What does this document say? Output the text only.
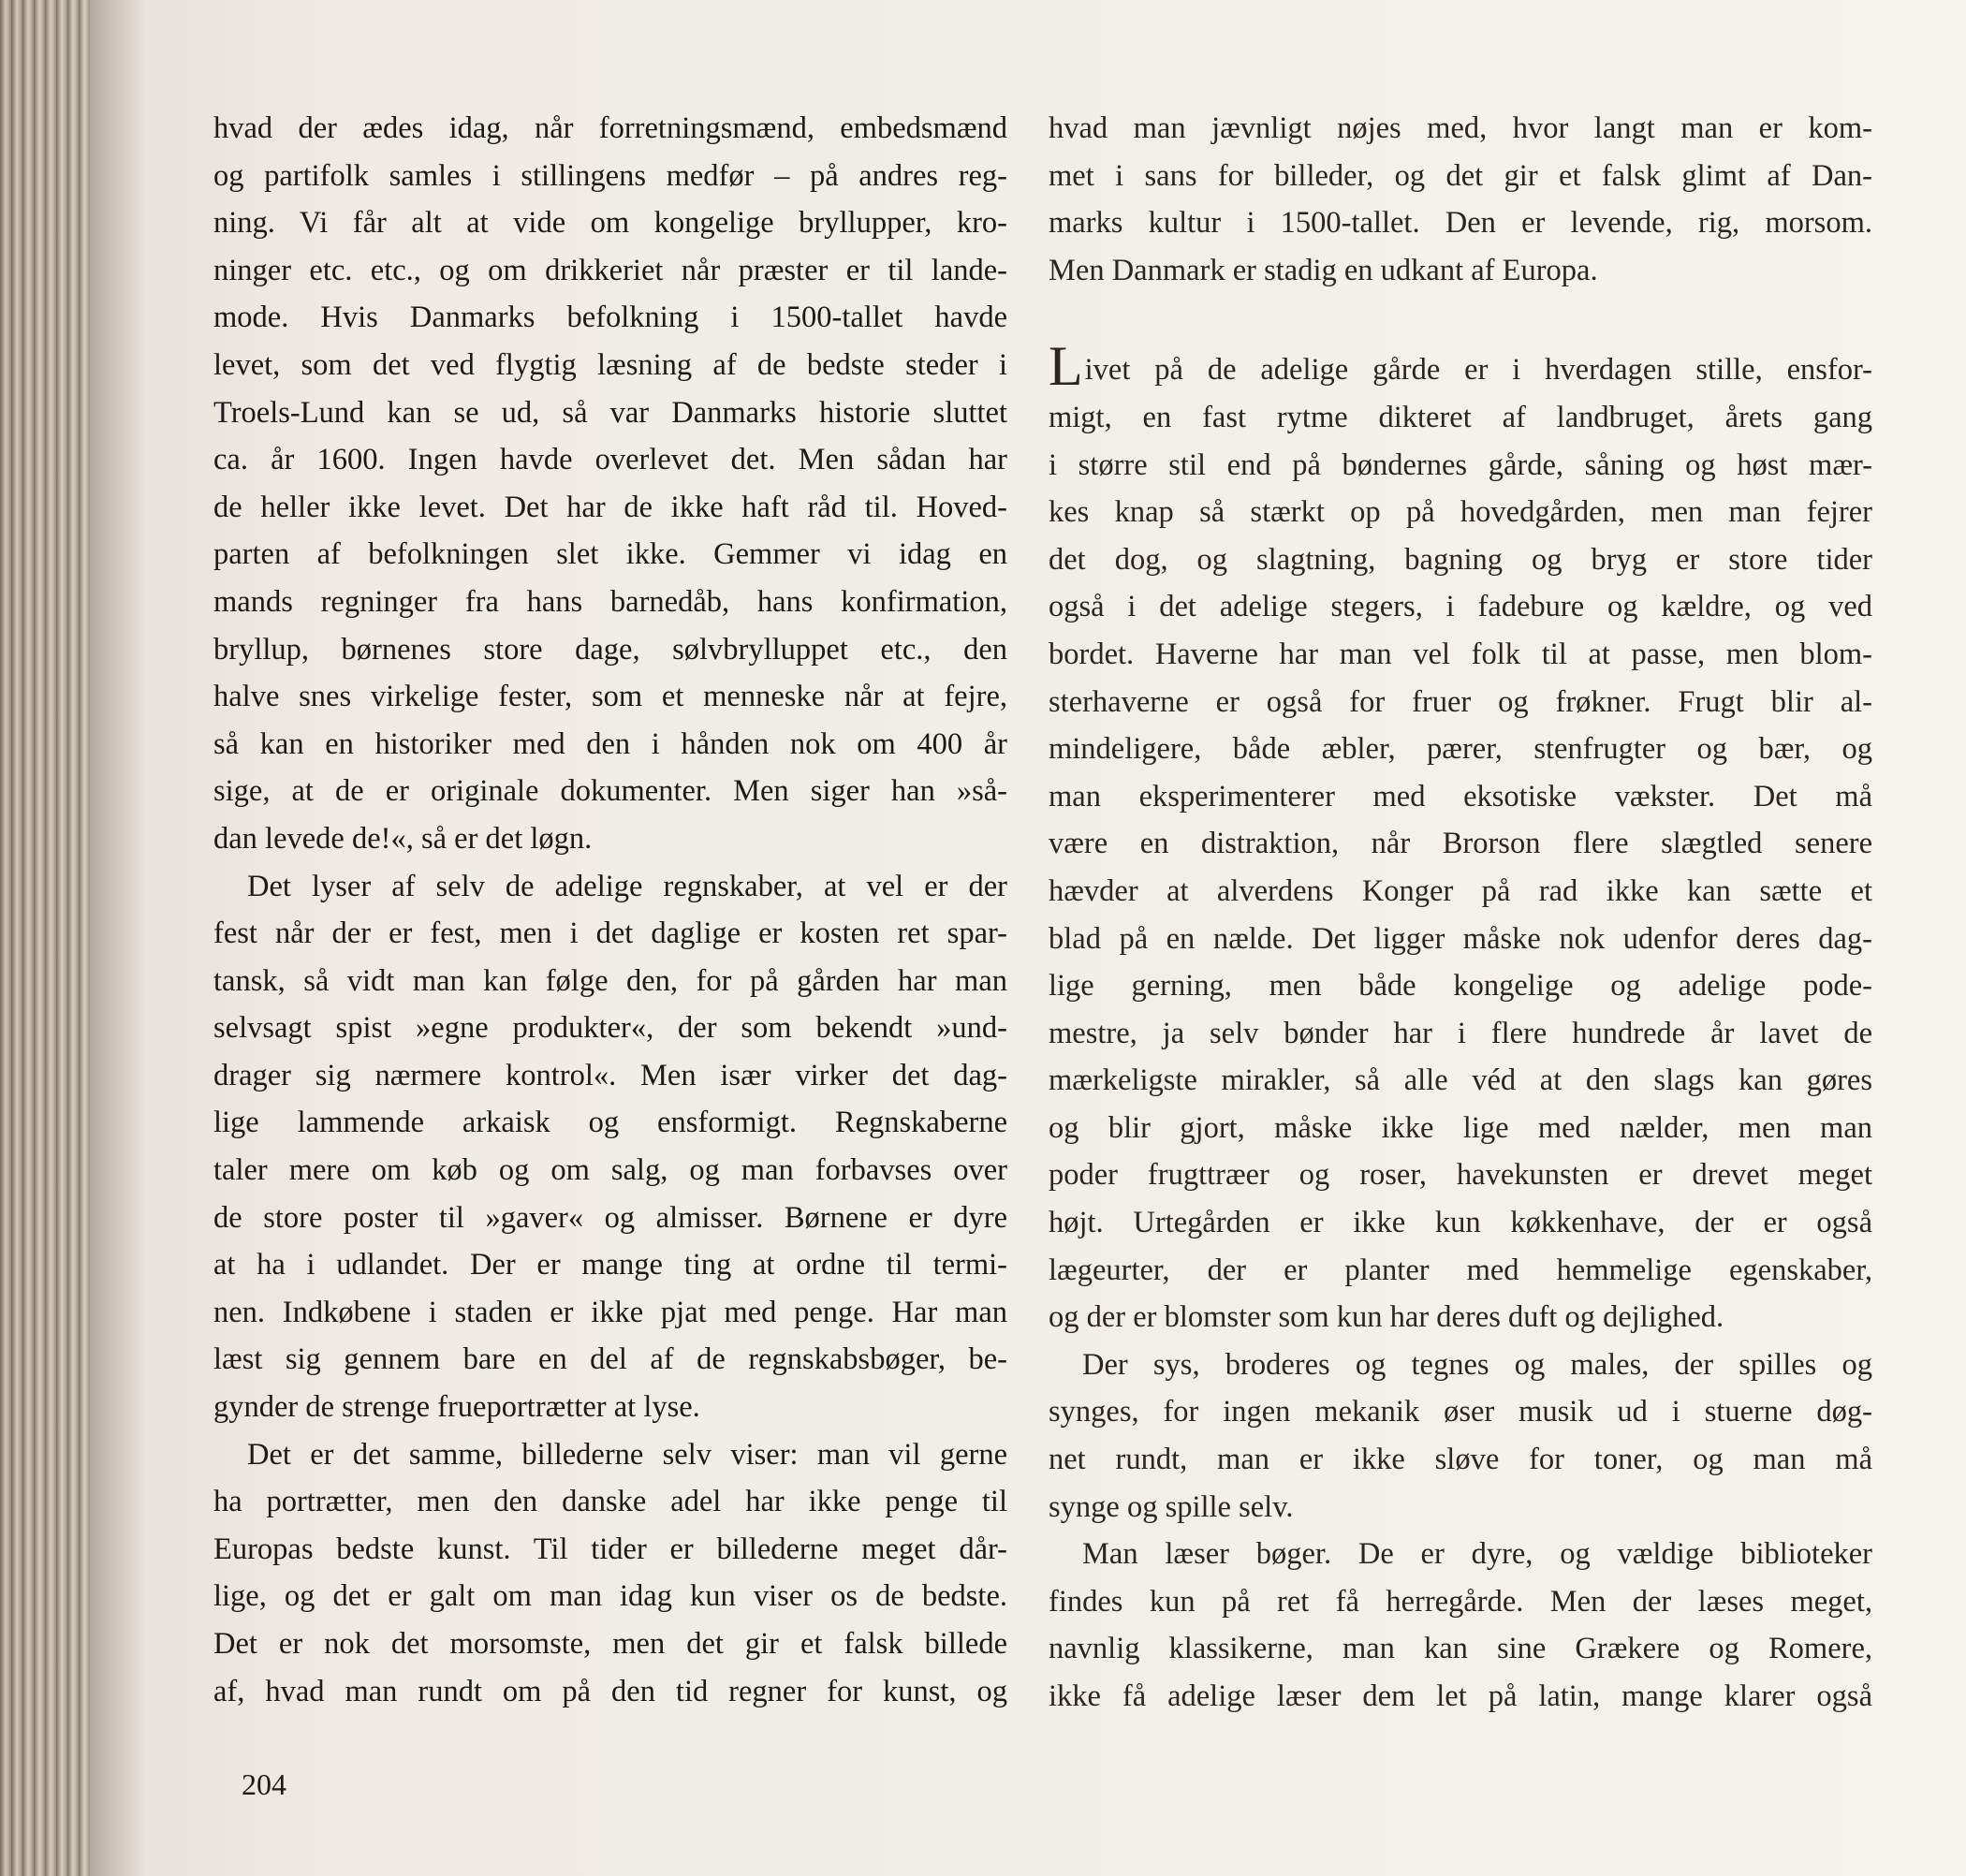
hvad der ædes idag, når forretningsmænd, embedsmænd
og partifolk samles i stillingens medfør – på andres reg-
ning. Vi får alt at vide om kongelige bryllupper, kro-
ninger etc. etc., og om drikkeriet når præster er til lande-
mode. Hvis Danmarks befolkning i 1500-tallet havde
levet, som det ved flygtig læsning af de bedste steder i
Troels-Lund kan se ud, så var Danmarks historie sluttet
ca. år 1600. Ingen havde overlevet det. Men sådan har
de heller ikke levet. Det har de ikke haft råd til. Hoved-
parten af befolkningen slet ikke. Gemmer vi idag en
mands regninger fra hans barnedåb, hans konfirmation,
bryllup, børnenes store dage, sølvbrylluppet etc., den
halve snes virkelige fester, som et menneske når at fejre,
så kan en historiker med den i hånden nok om 400 år
sige, at de er originale dokumenter. Men siger han »så-
dan levede de!«, så er det løgn.
Det lyser af selv de adelige regnskaber, at vel er der
fest når der er fest, men i det daglige er kosten ret spar-
tansk, så vidt man kan følge den, for på gården har man
selvsagt spist »egne produkter«, der som bekendt »und-
drager sig nærmere kontrol«. Men især virker det dag-
lige lammende arkaisk og ensformigt. Regnskaberne
taler mere om køb og om salg, og man forbavses over
de store poster til »gaver« og almisser. Børnene er dyre
at ha i udlandet. Der er mange ting at ordne til termi-
nen. Indkøbene i staden er ikke pjat med penge. Har man
læst sig gennem bare en del af de regnskabsbøger, be-
gynder de strenge frueportrætter at lyse.
Det er det samme, billederne selv viser: man vil gerne
ha portrætter, men den danske adel har ikke penge til
Europas bedste kunst. Til tider er billederne meget dår-
lige, og det er galt om man idag kun viser os de bedste.
Det er nok det morsomste, men det gir et falsk billede
af, hvad man rundt om på den tid regner for kunst, og
hvad man jævnligt nøjes med, hvor langt man er kom-
met i sans for billeder, og det gir et falsk glimt af Dan-
marks kultur i 1500-tallet. Den er levende, rig, morsom.
Men Danmark er stadig en udkant af Europa.
Livet på de adelige gårde er i hverdagen stille, ensfor-
migt, en fast rytme dikteret af landbruget, årets gang
i større stil end på bøndernes gårde, såning og høst mær-
kes knap så stærkt op på hovedgården, men man fejrer
det dog, og slagtning, bagning og bryg er store tider
også i det adelige stegers, i fadebure og kældre, og ved
bordet. Haverne har man vel folk til at passe, men blom-
sterhaverne er også for fruer og frøkner. Frugt blir al-
mindeligere, både æbler, pærer, stenfrugter og bær, og
man eksperimenterer med eksotiske vækster. Det må
være en distraktion, når Brorson flere slægtled senere
hævder at alverdens Konger på rad ikke kan sætte et
blad på en nælde. Det ligger måske nok udenfor deres dag-
lige gerning, men både kongelige og adelige pode-
mestre, ja selv bønder har i flere hundrede år lavet de
mærkeligste mirakler, så alle véd at den slags kan gøres
og blir gjort, måske ikke lige med nælder, men man
poder frugttræer og roser, havekunsten er drevet meget
højt. Urtegården er ikke kun køkkenhave, der er også
lægeurter, der er planter med hemmelige egenskaber,
og der er blomster som kun har deres duft og dejlighed.
Der sys, broderes og tegnes og males, der spilles og
synges, for ingen mekanik øser musik ud i stuerne døg-
net rundt, man er ikke sløve for toner, og man må
synge og spille selv.
Man læser bøger. De er dyre, og vældige biblioteker
findes kun på ret få herregårde. Men der læses meget,
navnlig klassikerne, man kan sine Grækere og Romere,
ikke få adelige læser dem let på latin, mange klarer også
204
